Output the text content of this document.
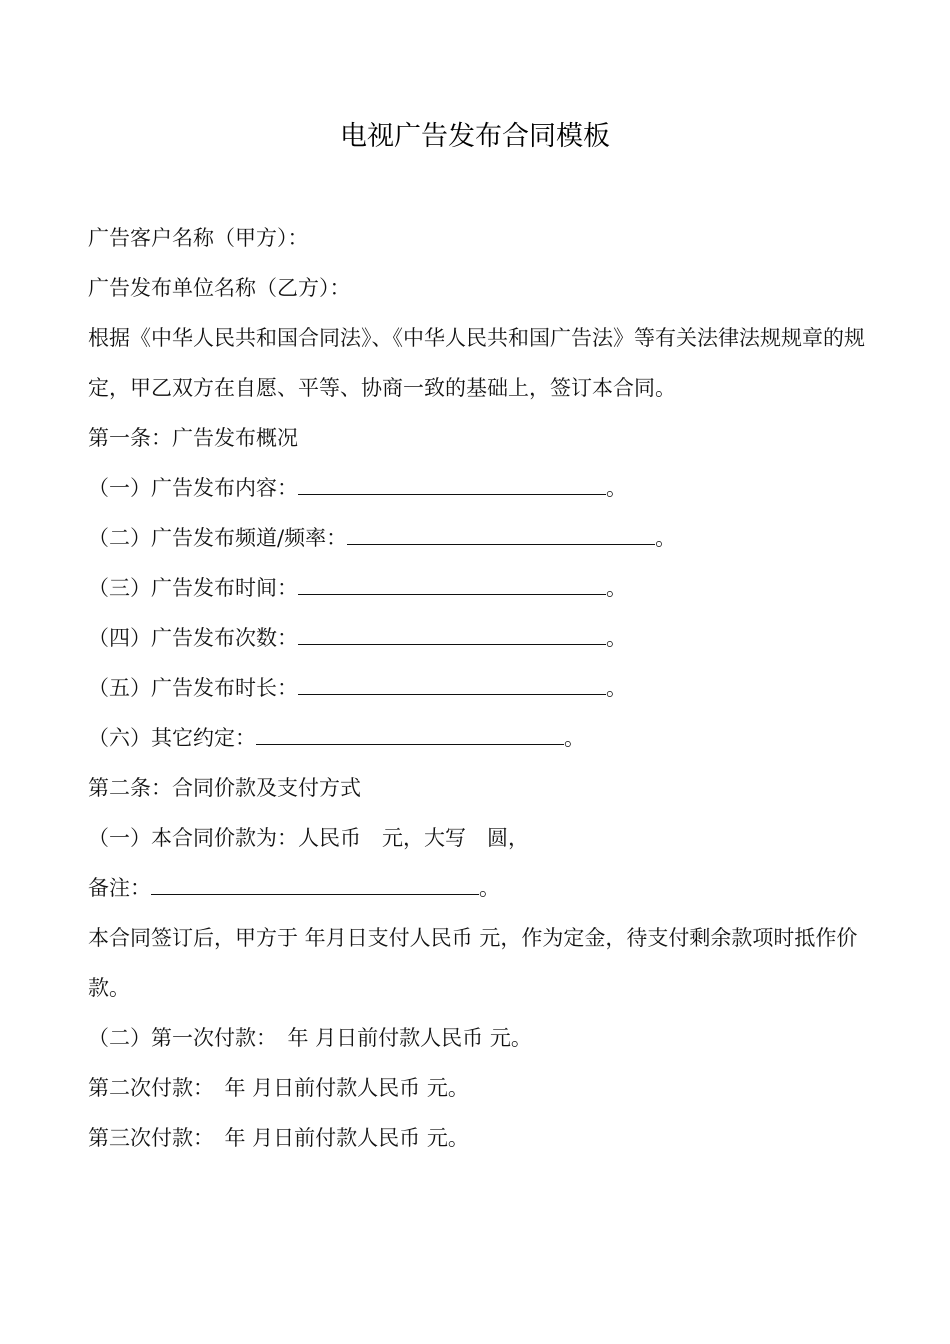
电视广告发布合同模板

广告客户名称（甲方）：

广告发布单位名称（乙方）：

根据《中华人民共和国合同法》、《中华人民共和国广告法》等有关法律法规规章的规定，甲乙双方在自愿、平等、协商一致的基础上，签订本合同。

第一条：广告发布概况

（一）广告发布内容：	。

（二）广告发布频道/频率：	。

（三）广告发布时间：	。

（四）广告发布次数：	。

（五）广告发布时长：	。

（六）其它约定：	。

第二条：合同价款及支付方式

（一）本合同价款为：人民币　元，大写　圆，

备注：	。

本合同签订后，甲方于 年月日支付人民币 元，作为定金，待支付剩余款项时抵作价款。

（二）第一次付款：　年 月日前付款人民币 元。

第二次付款：　年 月日前付款人民币 元。

第三次付款：　年 月日前付款人民币 元。
